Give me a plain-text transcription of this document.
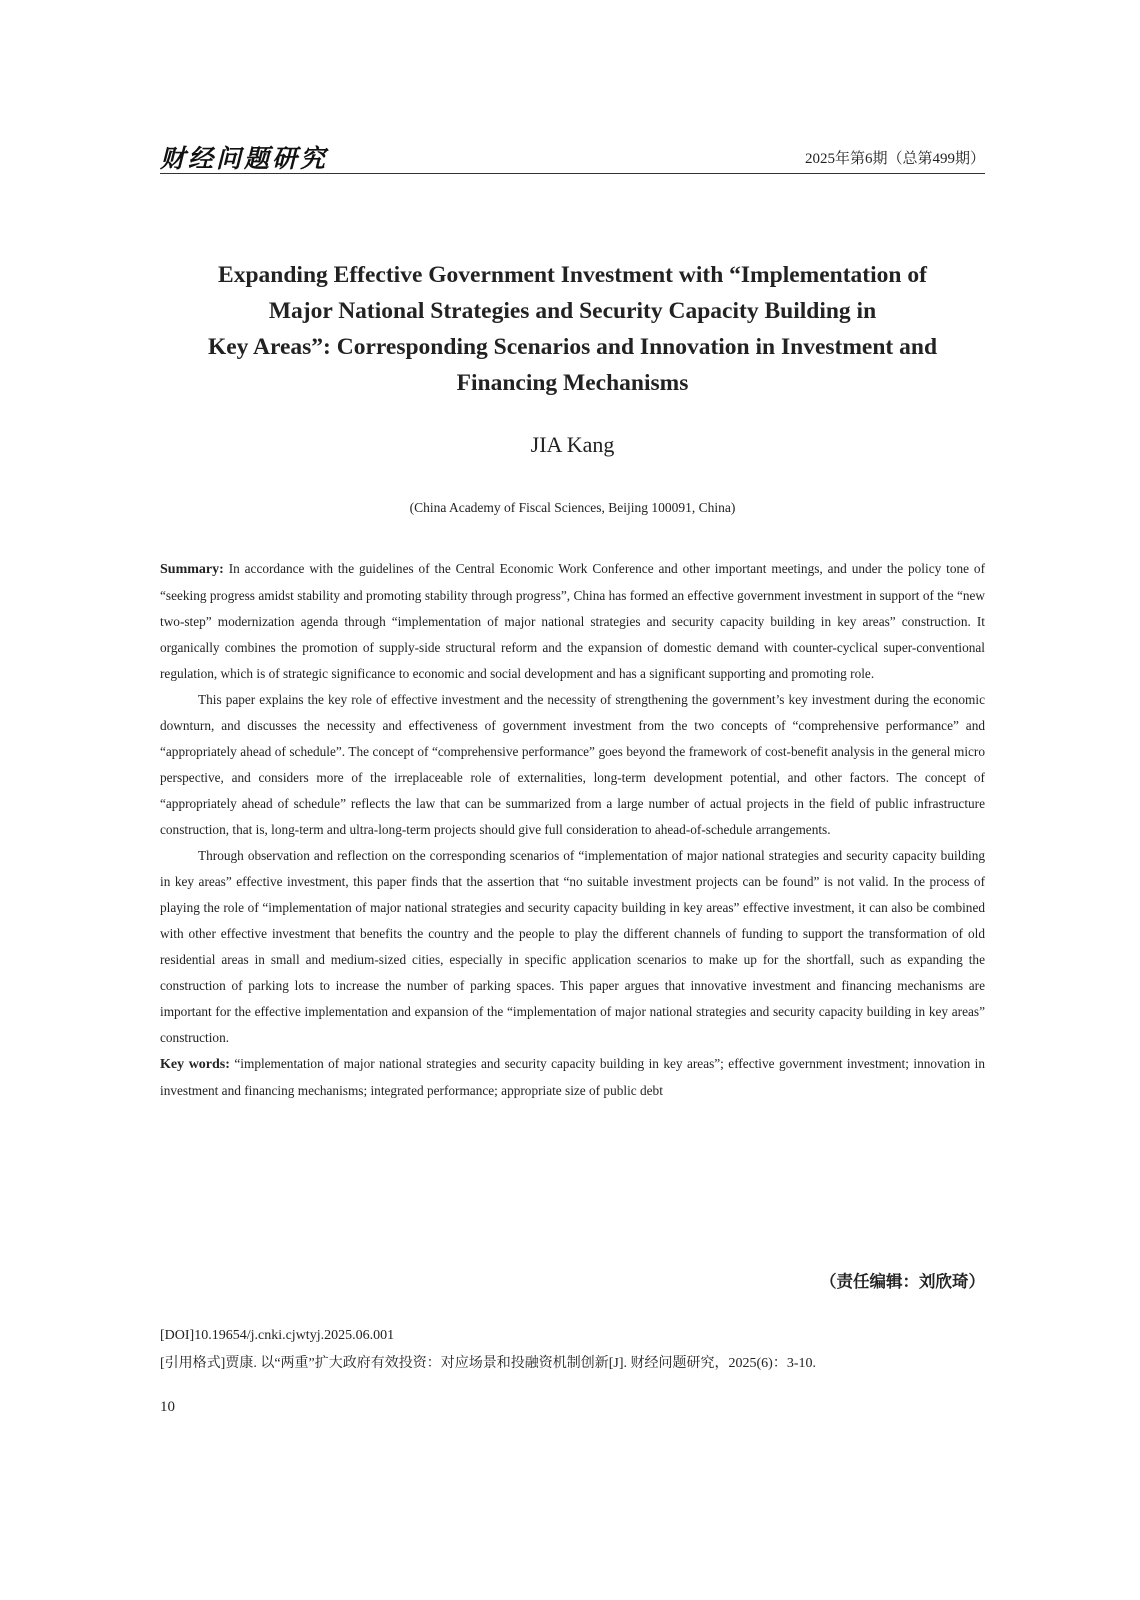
财经问题研究	2025年第6期（总第499期）
Expanding Effective Government Investment with “Implementation of
Major National Strategies and Security Capacity Building in
Key Areas”: Corresponding Scenarios and Innovation in Investment and
Financing Mechanisms
JIA Kang
(China Academy of Fiscal Sciences, Beijing 100091, China)

Summary: In accordance with the guidelines of the Central Economic Work Conference and other important meetings, and under the policy tone of “seeking progress amidst stability and promoting stability through progress”, China has formed an effective government investment in support of the “new two-step” modernization agenda through “implementation of major national strategies and security capacity building in key areas” construction. It organically combines the promotion of supply-side structural reform and the expansion of domestic demand with counter-cyclical super-conventional regulation, which is of strategic significance to economic and social development and has a significant supporting and promoting role.

This paper explains the key role of effective investment and the necessity of strengthening the government’s key investment during the economic downturn, and discusses the necessity and effectiveness of government investment from the two concepts of “comprehensive performance” and “appropriately ahead of schedule”. The concept of “comprehensive performance” goes beyond the framework of cost-benefit analysis in the general micro perspective, and considers more of the irreplaceable role of externalities, long-term development potential, and other factors. The concept of “appropriately ahead of schedule” reflects the law that can be summarized from a large number of actual projects in the field of public infrastructure construction, that is, long-term and ultra-long-term projects should give full consideration to ahead-of-schedule arrangements.

Through observation and reflection on the corresponding scenarios of “implementation of major national strategies and security capacity building in key areas” effective investment, this paper finds that the assertion that “no suitable investment projects can be found” is not valid. In the process of playing the role of “implementation of major national strategies and security capacity building in key areas” effective investment, it can also be combined with other effective investment that benefits the country and the people to play the different channels of funding to support the transformation of old residential areas in small and medium-sized cities, especially in specific application scenarios to make up for the shortfall, such as expanding the construction of parking lots to increase the number of parking spaces. This paper argues that innovative investment and financing mechanisms are important for the effective implementation and expansion of the “implementation of major national strategies and security capacity building in key areas” construction.

Key words: “implementation of major national strategies and security capacity building in key areas”; effective government investment; innovation in investment and financing mechanisms; integrated performance; appropriate size of public debt

（责任编辑：刘欣琦）
[DOI]10.19654/j.cnki.cjwtyj.2025.06.001
[引用格式]贾康. 以“两重”扩大政府有效投资：对应场景和投融资机制创新[J]. 财经问题研究，2025(6)：3-10.
10
